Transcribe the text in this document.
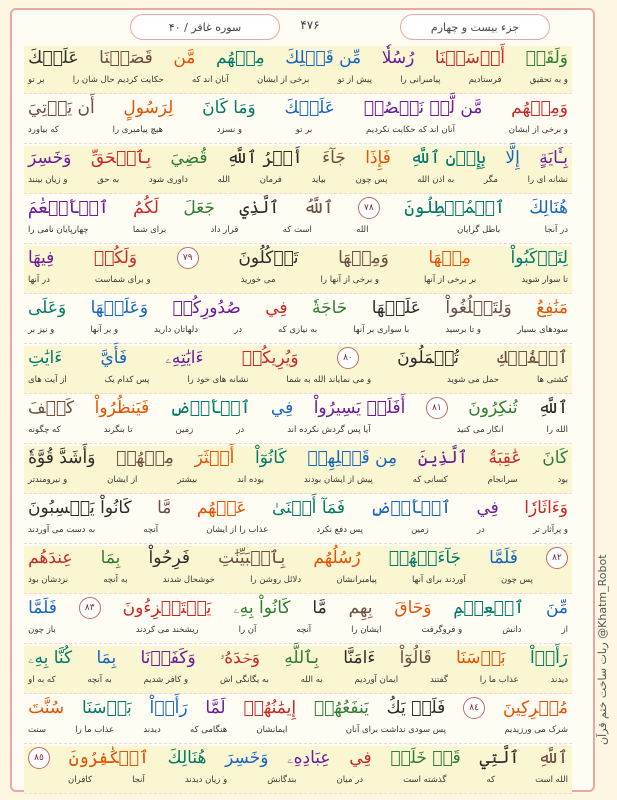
جزء بیست و چهارم
۴۷۶
سوره غافر / ۴۰
وَلَقَدۡ
أَرۡسَلۡنَا
رُسُلٗا
مِّن قَبۡلِكَ
مِنۡهُم
مَّن
قَصَصۡنَا
عَلَيۡكَ
و به تحقیق
فرستادیم
پیامبرانی را
پیش از تو
برخی از ایشان
آنان اند که
حکایت کردیم حال شان را
بر تو
وَمِنۡهُم
مَّن لَّمۡ نَقۡصُصۡ
عَلَيۡكَ
وَمَا كَانَ
لِرَسُولٍ
أَن يَأۡتِيَ
و برخی از ایشان
آنان اند که حکایت نکردیم
بر تو
و نسزد
هیچ پیامبری را
که بیاورد
بِـَٔايَةٍ
إِلَّا
بِإِذۡنِ ٱللَّهِ
فَإِذَا
جَآءَ
أَمۡرُ ٱللَّهِ
قُضِيَ
بِٱلۡحَقِّ
وَخَسِرَ
نشانه ای را
مگر
به اذن الله
پس چون
بیاید
فرمان
الله
داوری شود
به حق
و زیان بینند
هُنَالِكَ
ٱلۡمُبۡطِلُونَ
٧٨
ٱللَّهُ
ٱلَّذِي
جَعَلَ
لَكُمُ
ٱلۡأَنۡعَٰمَ
در آنجا
باطل گرایان
الله
است که
قرار داد
برای شما
چهارپایان نامی را
لِتَرۡكَبُواْ
مِنۡهَا
وَمِنۡهَا
تَأۡكُلُونَ
٧٩
وَلَكُمۡ
فِيهَا
تا سوار شوید
بر برخی از آنها
و برخی از آنها را
می خورید
و برای شماست
در آنها
مَنَٰفِعُ
وَلِتَبۡلُغُواْ
عَلَيۡهَا
حَاجَةٗ
فِي
صُدُورِكُمۡ
وَعَلَيۡهَا
وَعَلَى
سودهای بسیار
و تا برسید
با سواری بر آنها
به نیازی که
در
دلهاتان دارید
و بر آنها
و نیز بر
ٱلۡفُلۡكِ
تُحۡمَلُونَ
٨٠
وَيُرِيكُمۡ
ءَايَٰتِهِۦ
فَأَيَّ
ءَايَٰتِ
کشتی ها
حمل می شوید
و می نمایاند الله به شما
نشانه های خود را
پس کدام یک
از آیت های
ٱللَّهِ
تُنكِرُونَ
٨١
أَفَلَمۡ يَسِيرُواْ
فِي
ٱلۡأَرۡضِ
فَيَنظُرُواْ
كَيۡفَ
الله را
انکار می کنید
آیا پس گردش نکرده اند
در
زمین
تا بنگرند
که چگونه
كَانَ
عَٰقِبَةُ
ٱلَّذِينَ
مِن قَبۡلِهِمۡ
كَانُوٓاْ
أَكۡثَرَ
مِنۡهُمۡ
وَأَشَدَّ قُوَّةٗ
بود
سرانجام
کسانی که
پیش از ایشان بودند
بوده اند
بیشتر
از ایشان
و نیرومندتر
وَءَاثَارٗا
فِي
ٱلۡأَرۡضِ
فَمَآ أَغۡنَىٰ
عَنۡهُم
مَّا
كَانُواْ يَكۡسِبُونَ
و پرآثار تر
در
زمین
پس دفع نکرد
عذاب را از ایشان
آنچه
به دست می آوردند
٨٢
فَلَمَّا
جَآءَتۡهُمۡ
رُسُلُهُم
بِٱلۡبَيِّنَٰتِ
فَرِحُواْ
بِمَا
عِندَهُم
پس چون
آوردند برای آنها
پیامبرانشان
دلائل روشن را
خوشحال شدند
به آنچه
نزدشان بود
مِّنَ
ٱلۡعِلۡمِ
وَحَاقَ
بِهِم
مَّا
كَانُواْ بِهِۦ
يَسۡتَهۡزِءُونَ
٨٣
فَلَمَّا
از
دانش
و فروگرفت
ایشان را
آنچه
آن را
ریشخند می کردند
باز چون
رَأَوۡاْ
بَأۡسَنَا
قَالُوٓاْ
ءَامَنَّا
بِٱللَّهِ
وَحۡدَهُۥ
وَكَفَرۡنَا
بِمَا
كُنَّا بِهِۦ
دیدند
عذاب ما را
گفتند
ایمان آوردیم
به الله
به یگانگی اش
و کافر شدیم
به آنچه
که به او
مُشۡرِكِينَ
٨٤
فَلَمۡ يَكُ
يَنفَعُهُمۡ
إِيمَٰنُهُمۡ
لَمَّا
رَأَوۡاْ
بَأۡسَنَا
سُنَّتَ
شرک می ورزیدیم
پس سودی نداشت برای آنان
ایمانشان
هنگامی که
دیدند
عذاب ما را
سنت
ٱللَّهِ
ٱلَّتِي
قَدۡ خَلَتۡ
فِي
عِبَادِهِۦ
وَخَسِرَ
هُنَالِكَ
ٱلۡكَٰفِرُونَ
٨٥
الله است
که
گذشته است
در میان
بندگانش
و زیان دیدند
آنجا
کافران
ربات ساخت ختم قرآن @Khatm_Robot
